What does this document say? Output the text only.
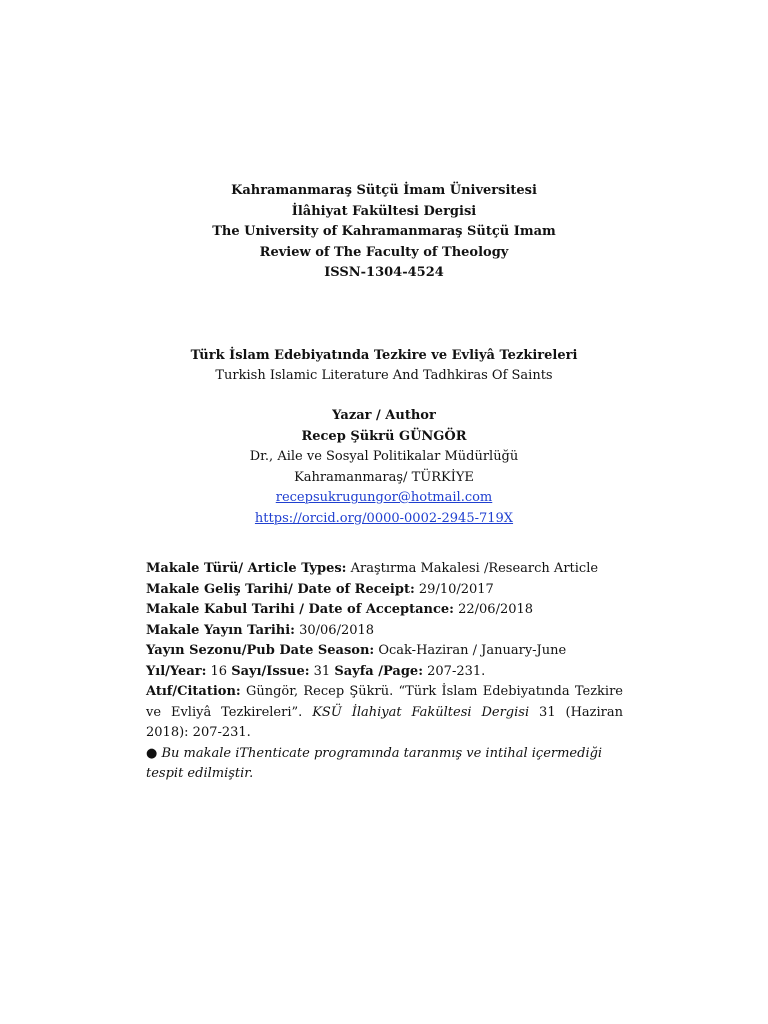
Kahramanmaraş Sütçü İmam Üniversitesi
İlâhiyat Fakültesi Dergisi
The University of Kahramanmaraş Sütçü Imam
Review of The Faculty of Theology
ISSN-1304-4524
Türk İslam Edebiyatında Tezkire ve Evliyâ Tezkireleri
Turkish Islamic Literature And Tadhkiras Of Saints
Yazar / Author
Recep Şükrü GÜNGÖR
Dr., Aile ve Sosyal Politikalar Müdürlüğü
Kahramanmaraş/ TÜRKİYE
recepsukrugungor@hotmail.com
https://orcid.org/0000-0002-2945-719X
Makale Türü/ Article Types: Araştırma Makalesi /Research Article
Makale Geliş Tarihi/ Date of Receipt: 29/10/2017
Makale Kabul Tarihi / Date of Acceptance: 22/06/2018
Makale Yayın Tarihi: 30/06/2018
Yayın Sezonu/Pub Date Season: Ocak-Haziran / January-June
Yıl/Year: 16 Sayı/Issue: 31 Sayfa /Page: 207-231.
Atıf/Citation: Güngör, Recep Şükrü. “Türk İslam Edebiyatında Tezkire ve Evliyâ Tezkireleri”. KSÜ İlahiyat Fakültesi Dergisi 31 (Haziran 2018): 207-231.
● Bu makale iThenticate programında taranmış ve intihal içermediği tespit edilmiştir.
